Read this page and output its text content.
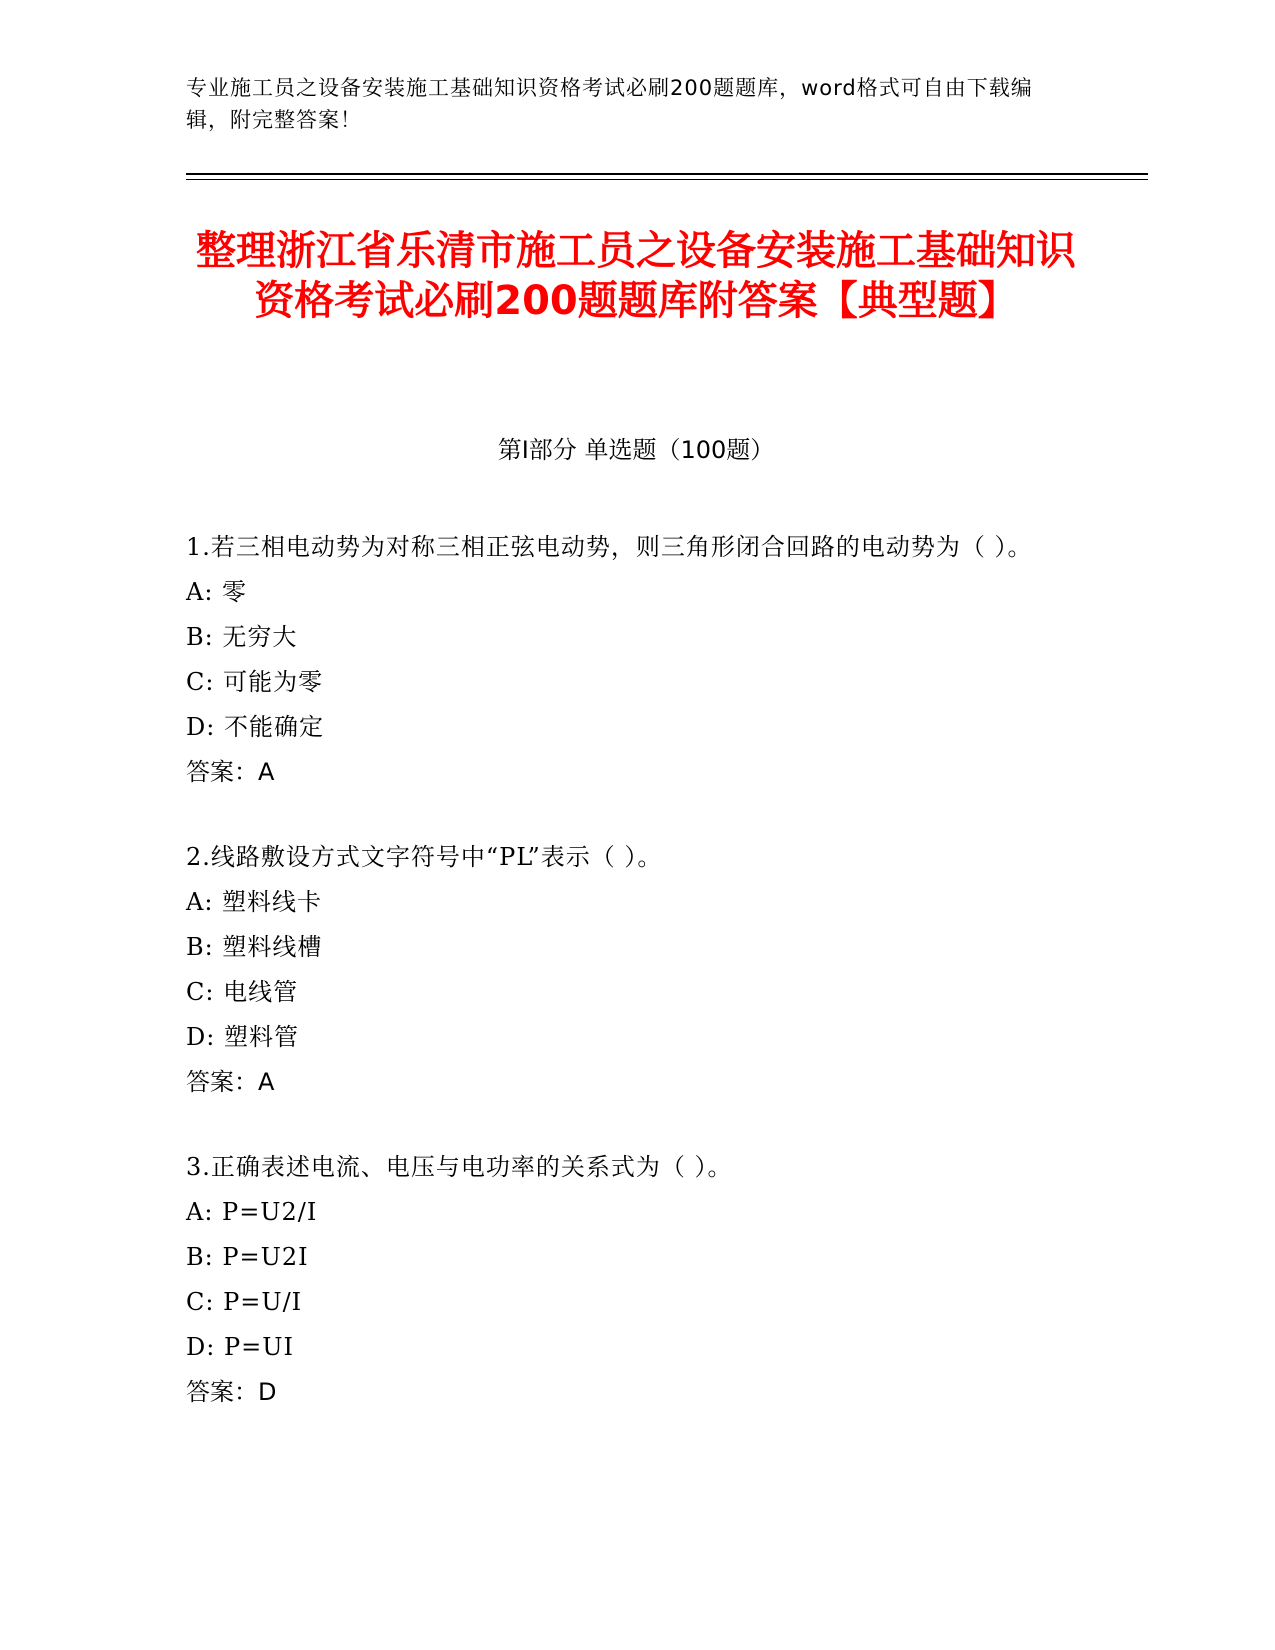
专业施工员之设备安装施工基础知识资格考试必刷200题题库，word格式可自由下载编辑，附完整答案！
整理浙江省乐清市施工员之设备安装施工基础知识资格考试必刷200题题库附答案【典型题】
第Ⅰ部分 单选题（100题）

1.若三相电动势为对称三相正弦电动势，则三角形闭合回路的电动势为（ ）。

A: 零

B: 无穷大

C: 可能为零

D: 不能确定

答案：A

2.线路敷设方式文字符号中“PL”表示（ ）。

A: 塑料线卡

B: 塑料线槽

C: 电线管

D: 塑料管

答案：A

3.正确表述电流、电压与电功率的关系式为（ ）。

A: P=U2/I

B: P=U2I

C: P=U/I

D: P=UI

答案：D
